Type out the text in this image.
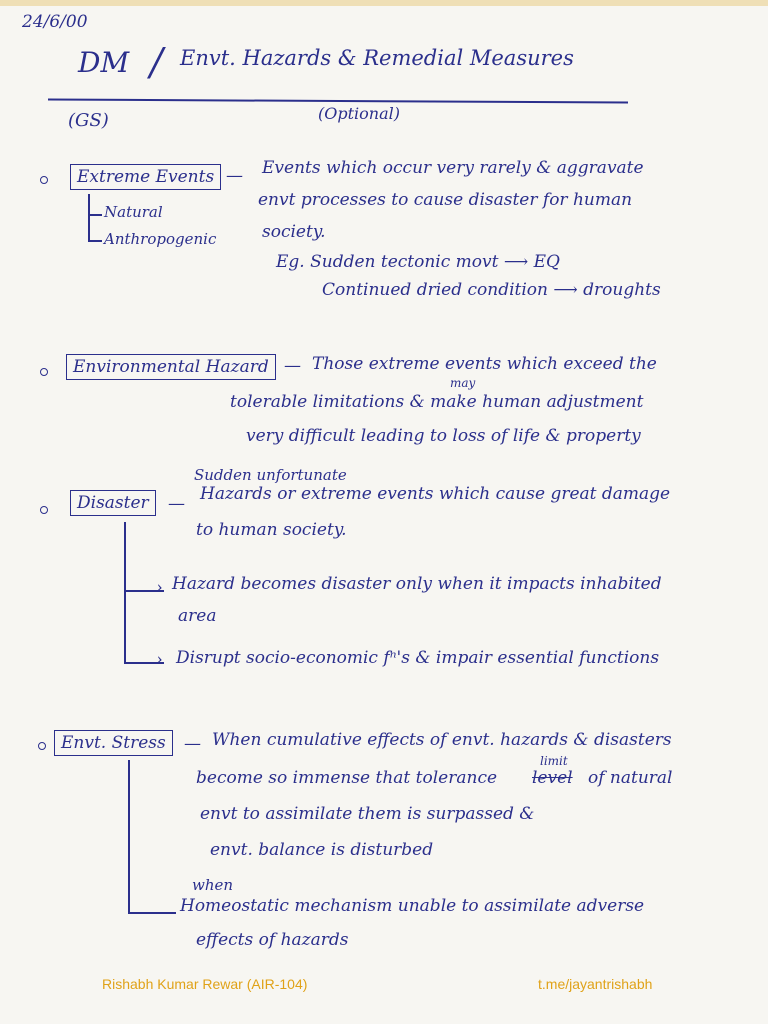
24/6/00
DM / Envt. Hazards & Remedial Measures
(GS)	(Optional)
Extreme Events — Events which occur very rarely & aggravate
envt processes to cause disaster for human
society.
Natural
Anthropogenic
Eg. Sudden tectonic movt ⟶ EQ
Continued dried condition ⟶ droughts
Environmental Hazard — Those extreme events which exceed the
may
tolerable limitations & make human adjustment
very difficult leading to loss of life & property
Sudden unfortunate
Disaster	— Hazards or extreme events which cause great damage
to human society.
› Hazard becomes disaster only when it impacts inhabited
area
› Disrupt socio-economic fⁿ's & impair essential functions
Envt. Stress	— When cumulative effects of envt. hazards & disasters
limit
become so immense that tolerance level of natural
envt to assimilate them is surpassed &
envt. balance is disturbed
when
Homeostatic mechanism unable to assimilate adverse
effects of hazards
Rishabh Kumar Rewar (AIR-104)	t.me/jayantrishabh
